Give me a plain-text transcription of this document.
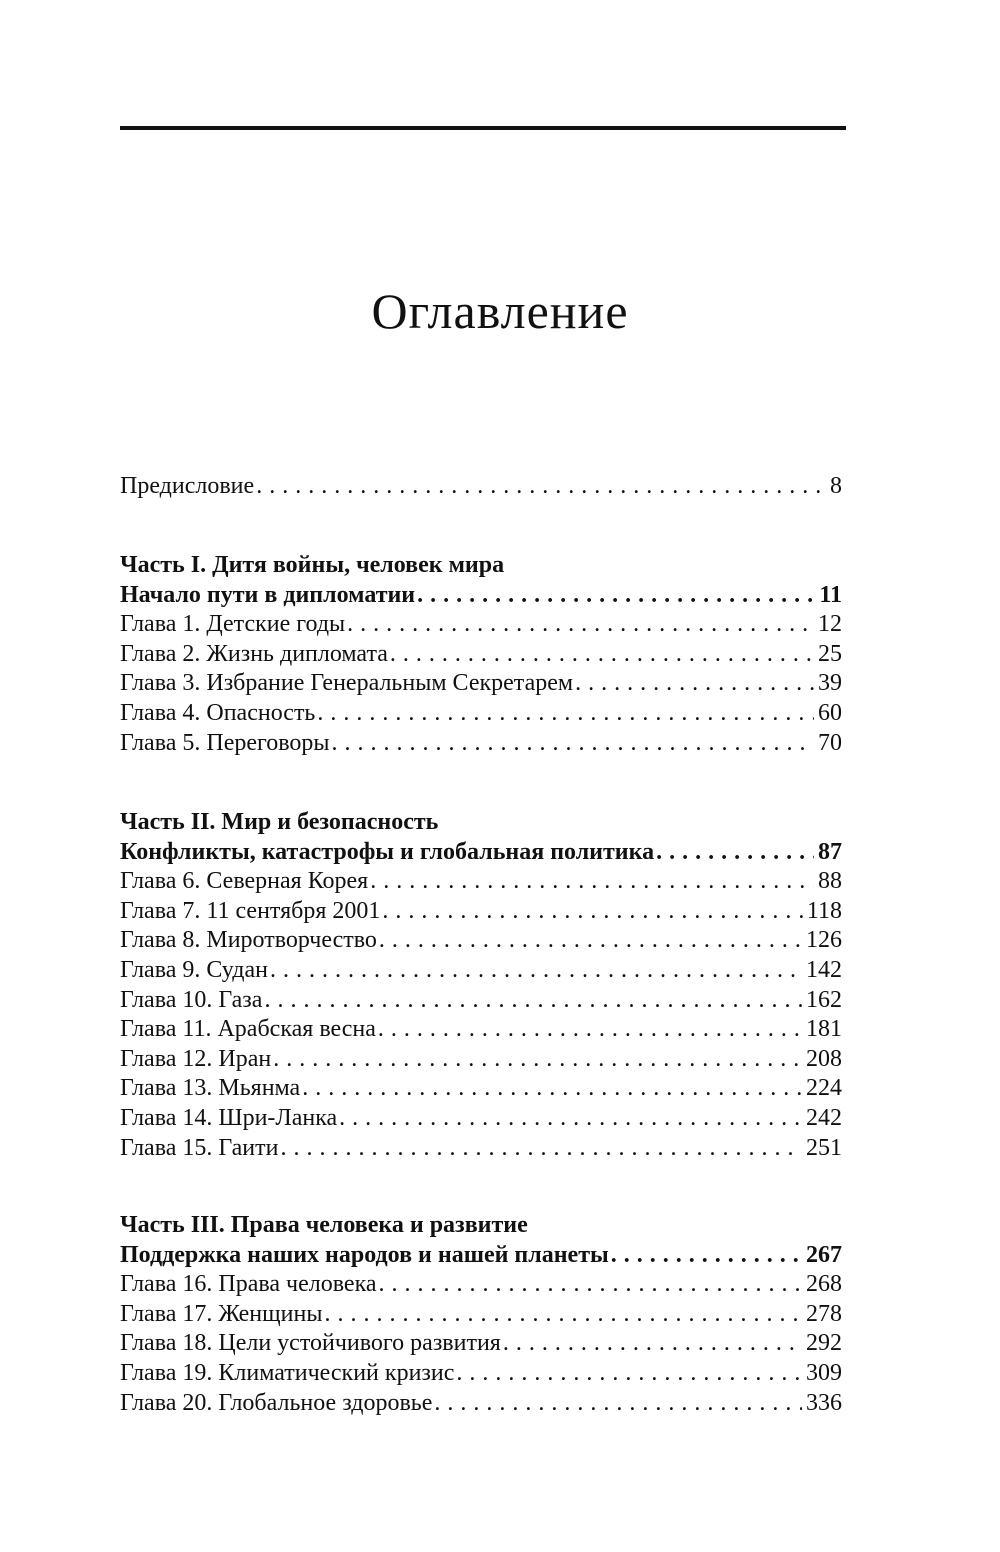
Оглавление
Предисловие . . .	8
Часть I. Дитя войны, человек мира
Начало пути в дипломатии . . .	11
Глава 1. Детские годы . . .	12
Глава 2. Жизнь дипломата . . .	25
Глава 3. Избрание Генеральным Секретарем . . .	39
Глава 4. Опасность . . .	60
Глава 5. Переговоры . . .	70
Часть II. Мир и безопасность
Конфликты, катастрофы и глобальная политика . . .	87
Глава 6. Северная Корея . . .	88
Глава 7. 11 сентября 2001 . . .	118
Глава 8. Миротворчество . . .	126
Глава 9. Судан . . .	142
Глава 10. Газа . . .	162
Глава 11. Арабская весна . . .	181
Глава 12. Иран . . .	208
Глава 13. Мьянма . . .	224
Глава 14. Шри-Ланка . . .	242
Глава 15. Гаити . . .	251
Часть III. Права человека и развитие
Поддержка наших народов и нашей планеты . . .	267
Глава 16. Права человека . . .	268
Глава 17. Женщины . . .	278
Глава 18. Цели устойчивого развития . . .	292
Глава 19. Климатический кризис . . .	309
Глава 20. Глобальное здоровье . . .	336
